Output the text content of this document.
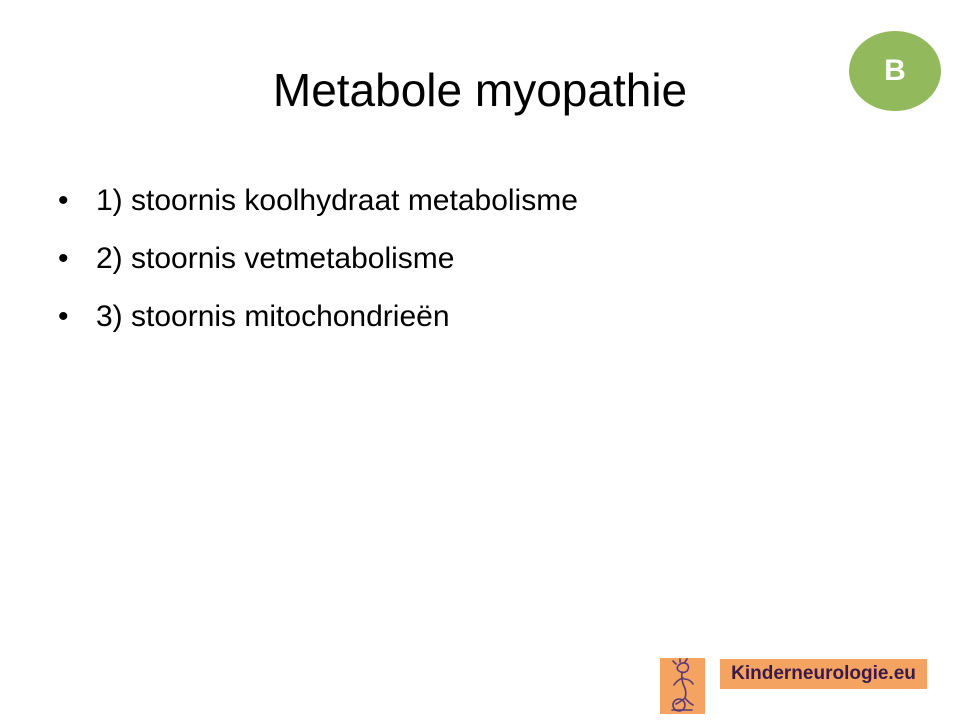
Metabole myopathie	B
• 1) stoornis koolhydraat metabolisme
• 2) stoornis vetmetabolisme
• 3) stoornis mitochondrieën
Kinderneurologie.eu
